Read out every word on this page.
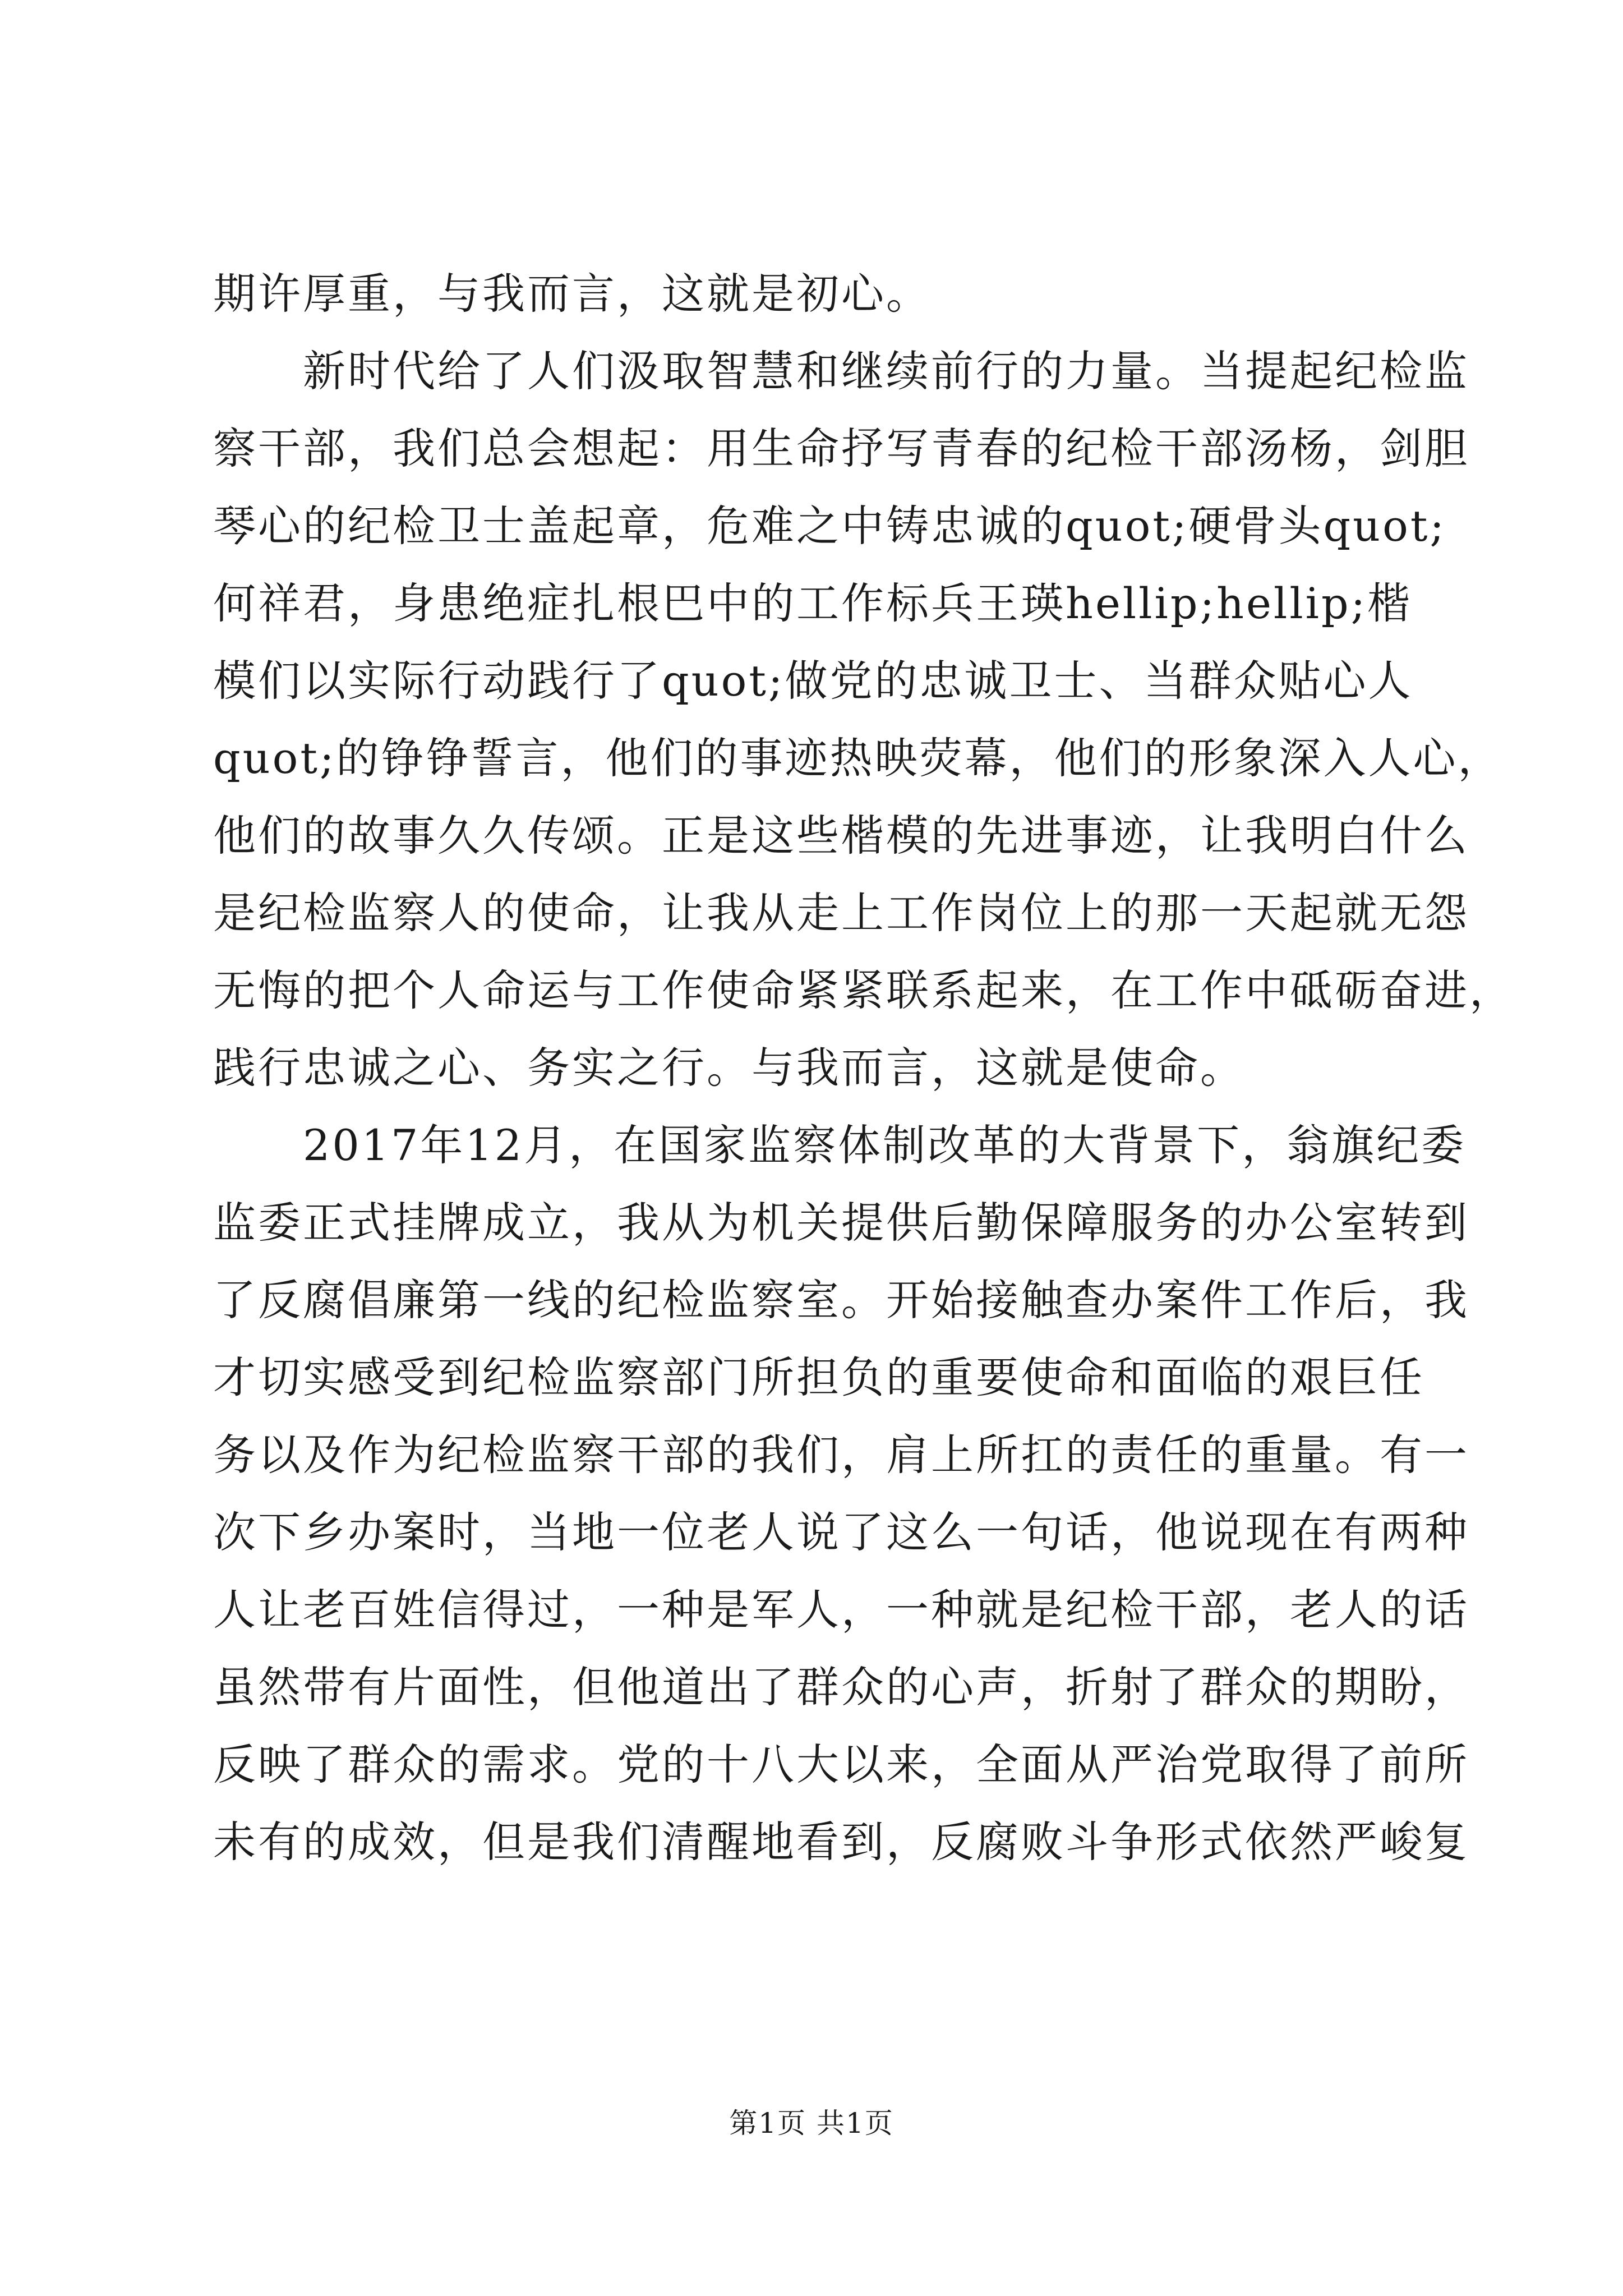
期许厚重，与我而言，这就是初心。
　　新时代给了人们汲取智慧和继续前行的力量。当提起纪检监
察干部，我们总会想起：用生命抒写青春的纪检干部汤杨，剑胆
琴心的纪检卫士盖起章，危难之中铸忠诚的quot;硬骨头quot;
何祥君，身患绝症扎根巴中的工作标兵王瑛hellip;hellip;楷
模们以实际行动践行了quot;做党的忠诚卫士、当群众贴心人
quot;的铮铮誓言，他们的事迹热映荧幕，他们的形象深入人心，
他们的故事久久传颂。正是这些楷模的先进事迹，让我明白什么
是纪检监察人的使命，让我从走上工作岗位上的那一天起就无怨
无悔的把个人命运与工作使命紧紧联系起来，在工作中砥砺奋进，
践行忠诚之心、务实之行。与我而言，这就是使命。
　　2017年12月，在国家监察体制改革的大背景下，翁旗纪委
监委正式挂牌成立，我从为机关提供后勤保障服务的办公室转到
了反腐倡廉第一线的纪检监察室。开始接触查办案件工作后，我
才切实感受到纪检监察部门所担负的重要使命和面临的艰巨任
务以及作为纪检监察干部的我们，肩上所扛的责任的重量。有一
次下乡办案时，当地一位老人说了这么一句话，他说现在有两种
人让老百姓信得过，一种是军人，一种就是纪检干部，老人的话
虽然带有片面性，但他道出了群众的心声，折射了群众的期盼，
反映了群众的需求。党的十八大以来，全面从严治党取得了前所
未有的成效，但是我们清醒地看到，反腐败斗争形式依然严峻复
第1页 共1页
